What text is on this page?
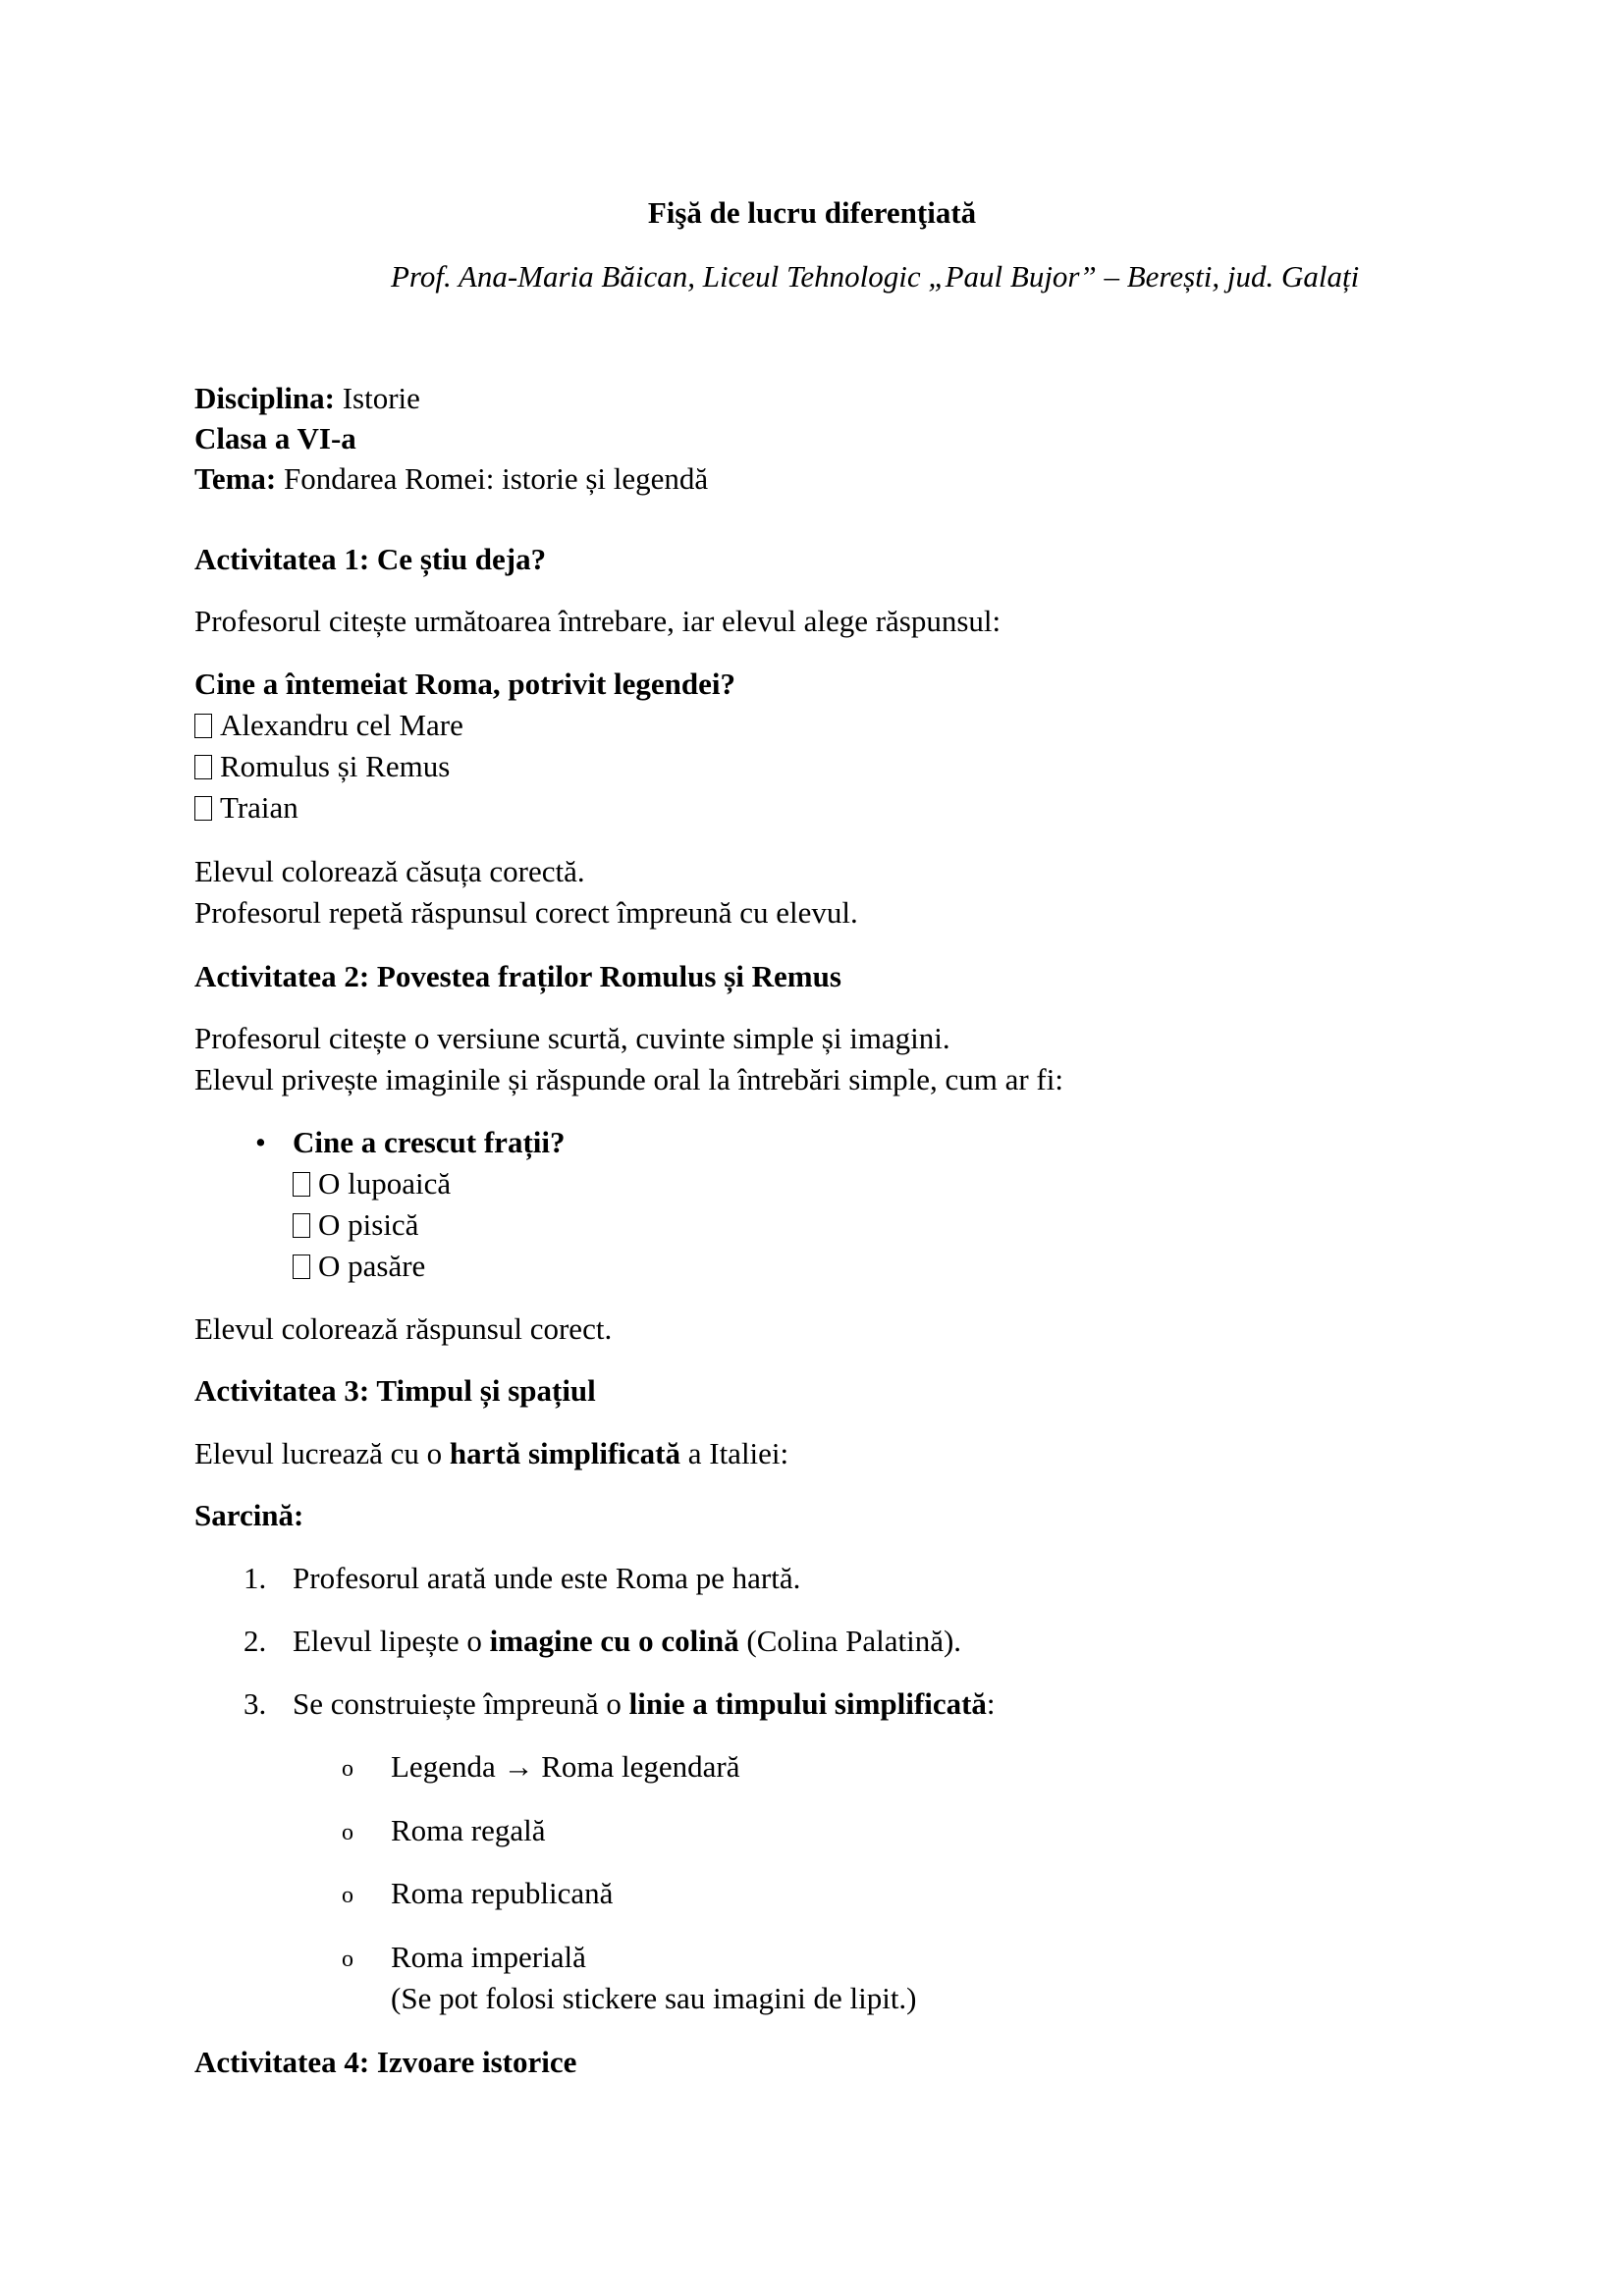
Fişă de lucru diferenţiată
Prof. Ana-Maria Băican, Liceul Tehnologic „Paul Bujor” – Berești, jud. Galați
Disciplina: Istorie
Clasa a VI-a
Tema: Fondarea Romei: istorie și legendă
Activitatea 1: Ce știu deja?
Profesorul citește următoarea întrebare, iar elevul alege răspunsul:
Cine a întemeiat Roma, potrivit legendei?
Alexandru cel Mare
Romulus și Remus
Traian
Elevul colorează căsuța corectă.
Profesorul repetă răspunsul corect împreună cu elevul.
Activitatea 2: Povestea fraților Romulus și Remus
Profesorul citește o versiune scurtă, cuvinte simple și imagini.
Elevul privește imaginile și răspunde oral la întrebări simple, cum ar fi:
• Cine a crescut frații?
O lupoaică
O pisică
O pasăre
Elevul colorează răspunsul corect.
Activitatea 3: Timpul și spațiul
Elevul lucrează cu o hartă simplificată a Italiei:
Sarcină:
1. Profesorul arată unde este Roma pe hartă.
2. Elevul lipește o imagine cu o colină (Colina Palatină).
3. Se construiește împreună o linie a timpului simplificată:
o Legenda → Roma legendară
o Roma regală
o Roma republicană
o Roma imperială
(Se pot folosi stickere sau imagini de lipit.)
Activitatea 4: Izvoare istorice
